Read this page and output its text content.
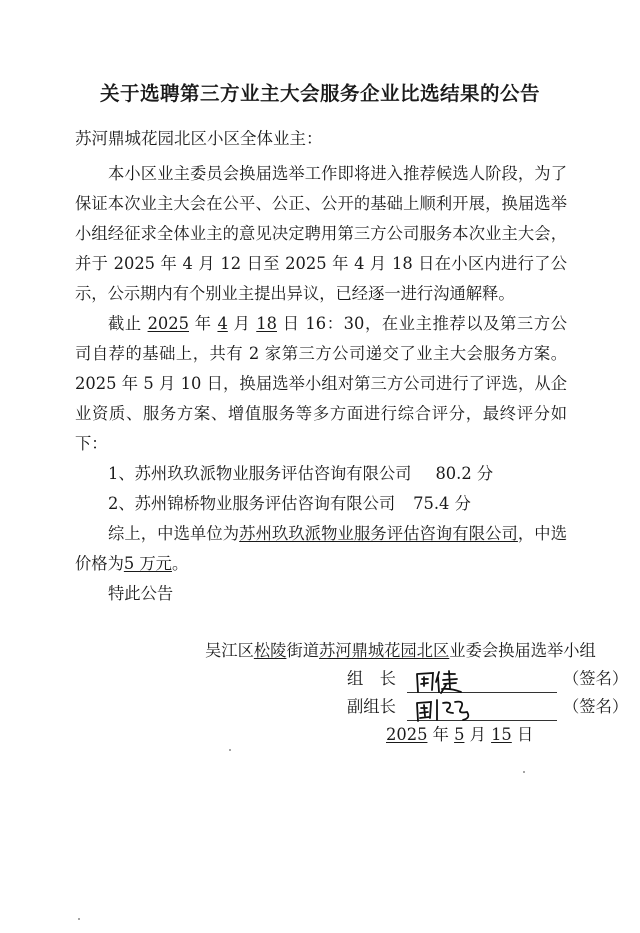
关于选聘第三方业主大会服务企业比选结果的公告
苏河鼎城花园北区小区全体业主：

本小区业主委员会换届选举工作即将进入推荐候选人阶段，为了保证本次业主大会在公平、公正、公开的基础上顺利开展，换届选举小组经征求全体业主的意见决定聘用第三方公司服务本次业主大会，并于 2025 年 4 月 12 日至 2025 年 4 月 18 日在小区内进行了公示，公示期内有个别业主提出异议，已经逐一进行沟通解释。

截止 2025 年 4 月 18 日 16：30，在业主推荐以及第三方公司自荐的基础上，共有 2 家第三方公司递交了业主大会服务方案。2025 年 5 月 10 日，换届选举小组对第三方公司进行了评选，从企业资质、服务方案、增值服务等多方面进行综合评分，最终评分如下：

1、苏州玖玖派物业服务评估咨询有限公司 80.2 分
2、苏州锦桥物业服务评估咨询有限公司 75.4 分

综上，中选单位为苏州玖玖派物业服务评估咨询有限公司，中选价格为5 万元。

特此公告

吴江区松陵街道苏河鼎城花园北区业委会换届选举小组
组　长	（签名）
副组长	（签名）
2025 年 5 月 15 日
